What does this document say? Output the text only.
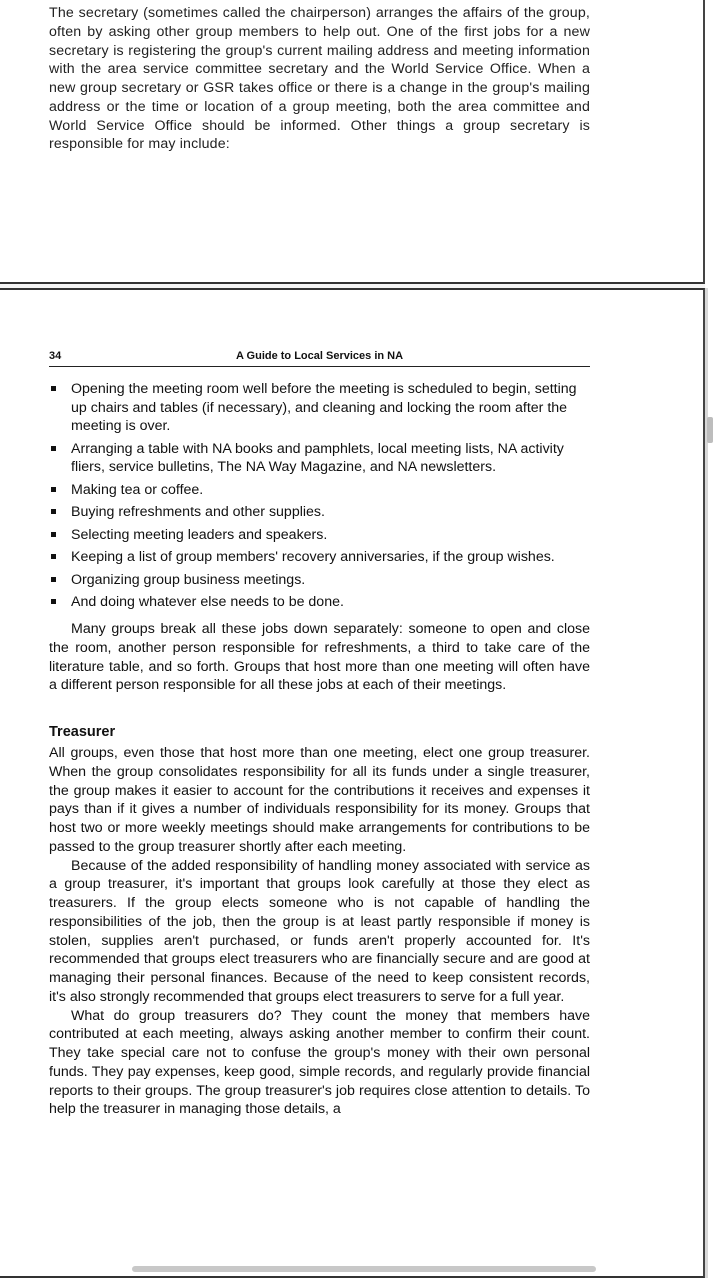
The secretary (sometimes called the chairperson) arranges the affairs of the group, often by asking other group members to help out. One of the first jobs for a new secretary is registering the group's current mailing address and meeting information with the area service committee secretary and the World Service Office. When a new group secretary or GSR takes office or there is a change in the group's mailing address or the time or location of a group meeting, both the area committee and World Service Office should be informed. Other things a group secretary is responsible for may include:
34	A Guide to Local Services in NA
Opening the meeting room well before the meeting is scheduled to begin, setting up chairs and tables (if necessary), and cleaning and locking the room after the meeting is over.
Arranging a table with NA books and pamphlets, local meeting lists, NA activity fliers, service bulletins, The NA Way Magazine, and NA newsletters.
Making tea or coffee.
Buying refreshments and other supplies.
Selecting meeting leaders and speakers.
Keeping a list of group members' recovery anniversaries, if the group wishes.
Organizing group business meetings.
And doing whatever else needs to be done.

Many groups break all these jobs down separately: someone to open and close the room, another person responsible for refreshments, a third to take care of the literature table, and so forth. Groups that host more than one meeting will often have a different person responsible for all these jobs at each of their meetings.

Treasurer

All groups, even those that host more than one meeting, elect one group treasurer. When the group consolidates responsibility for all its funds under a single treasurer, the group makes it easier to account for the contributions it receives and expenses it pays than if it gives a number of individuals responsibility for its money. Groups that host two or more weekly meetings should make arrangements for contributions to be passed to the group treasurer shortly after each meeting.

Because of the added responsibility of handling money associated with service as a group treasurer, it's important that groups look carefully at those they elect as treasurers. If the group elects someone who is not capable of handling the responsibilities of the job, then the group is at least partly responsible if money is stolen, supplies aren't purchased, or funds aren't properly accounted for. It's recommended that groups elect treasurers who are financially secure and are good at managing their personal finances. Because of the need to keep consistent records, it's also strongly recommended that groups elect treasurers to serve for a full year.

What do group treasurers do? They count the money that members have contributed at each meeting, always asking another member to confirm their count. They take special care not to confuse the group's money with their own personal funds. They pay expenses, keep good, simple records, and regularly provide financial reports to their groups. The group treasurer's job requires close attention to details. To help the treasurer in managing those details, a
